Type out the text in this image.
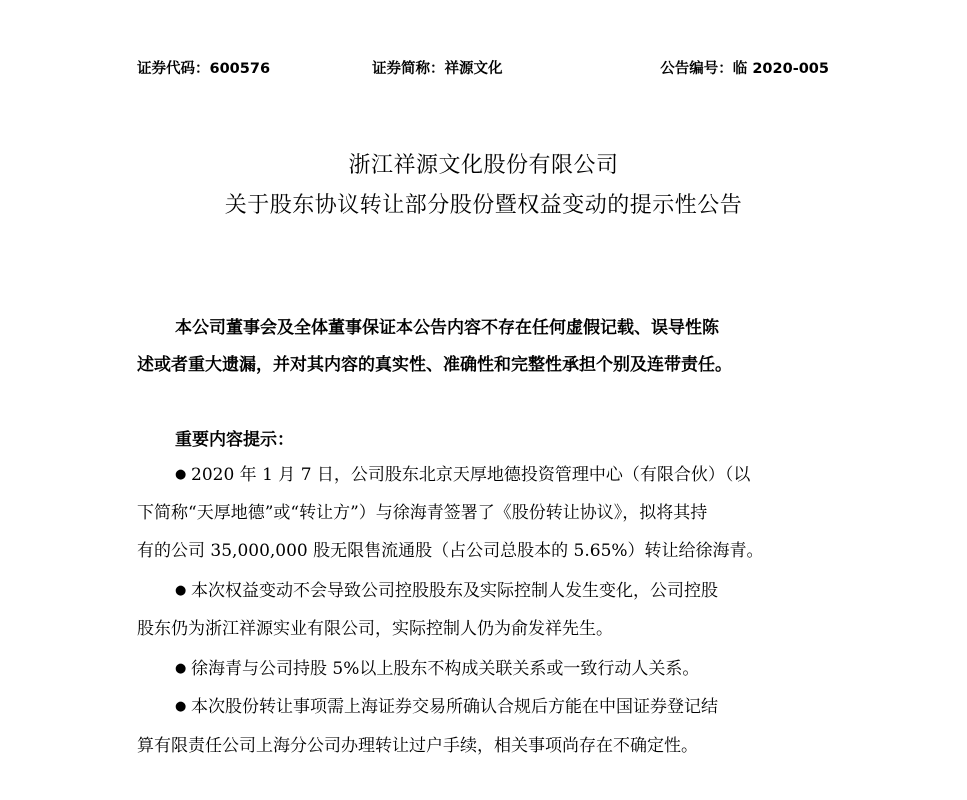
证券代码：600576	证券简称：祥源文化	公告编号：临 2020-005
浙江祥源文化股份有限公司
关于股东协议转让部分股份暨权益变动的提示性公告
本公司董事会及全体董事保证本公告内容不存在任何虚假记载、误导性陈
述或者重大遗漏，并对其内容的真实性、准确性和完整性承担个别及连带责任。
重要内容提示：
● 2020 年 1 月 7 日，公司股东北京天厚地德投资管理中心（有限合伙）（以
下简称“天厚地德”或“转让方”）与徐海青签署了《股份转让协议》，拟将其持
有的公司 35,000,000 股无限售流通股（占公司总股本的 5.65%）转让给徐海青。
● 本次权益变动不会导致公司控股股东及实际控制人发生变化，公司控股
股东仍为浙江祥源实业有限公司，实际控制人仍为俞发祥先生。
● 徐海青与公司持股 5%以上股东不构成关联关系或一致行动人关系。
● 本次股份转让事项需上海证券交易所确认合规后方能在中国证券登记结
算有限责任公司上海分公司办理转让过户手续，相关事项尚存在不确定性。
